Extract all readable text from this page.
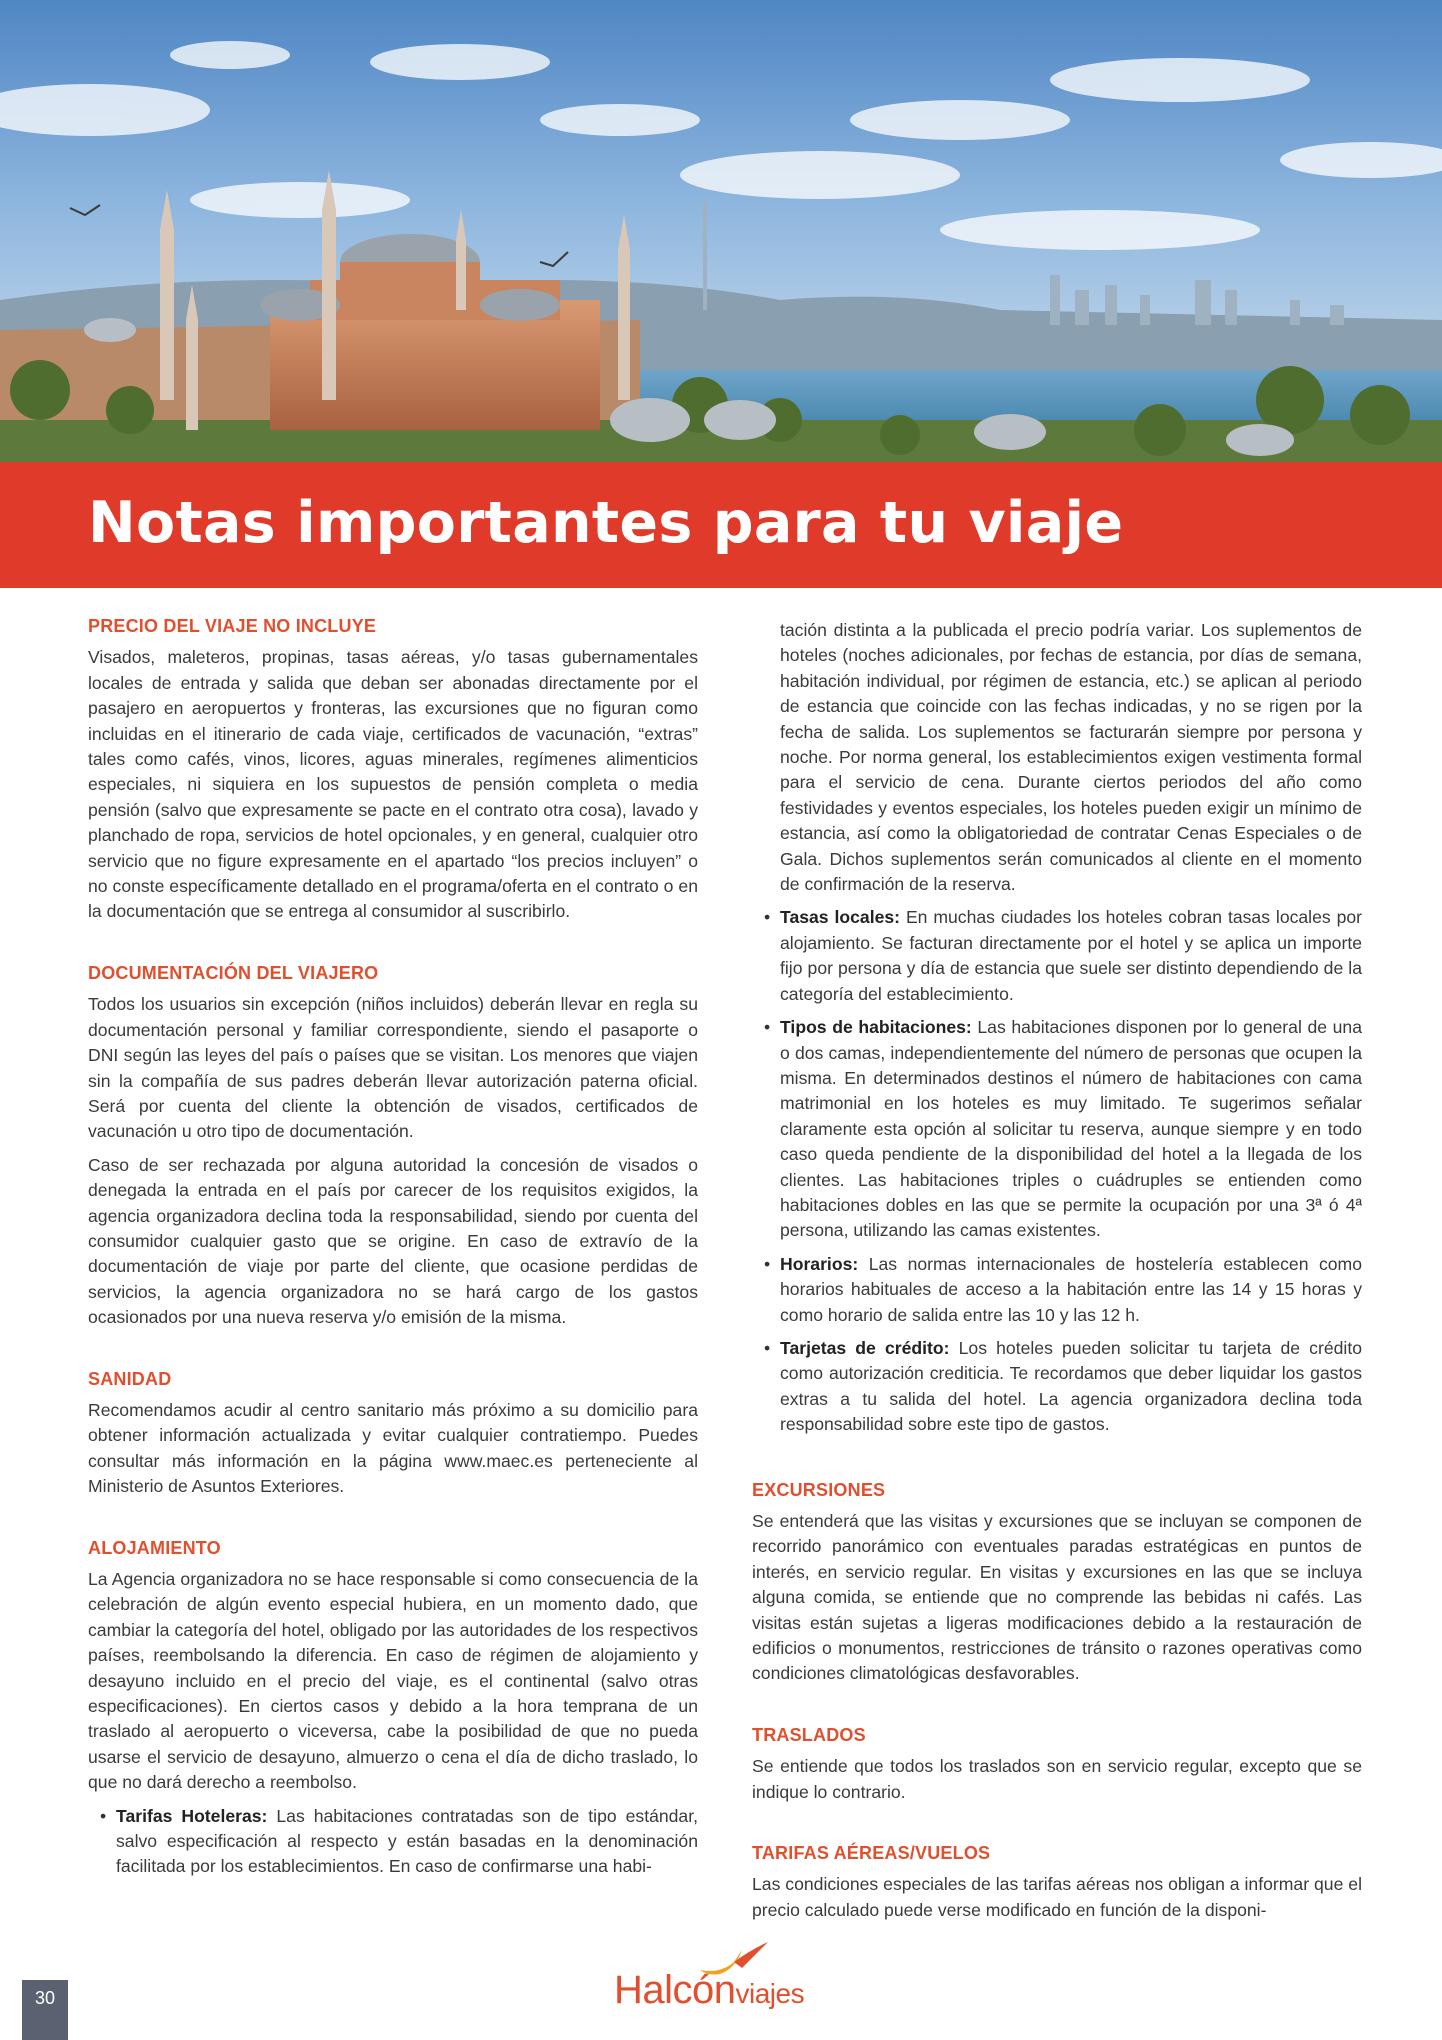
Notas importantes para tu viaje
PRECIO DEL VIAJE NO INCLUYE

Visados, maleteros, propinas, tasas aéreas, y/o tasas gubernamentales locales de entrada y salida que deban ser abonadas directamente por el pasajero en aeropuertos y fronteras, las excursiones que no figuran como incluidas en el itinerario de cada viaje, certificados de vacunación, “extras” tales como cafés, vinos, licores, aguas minerales, regímenes alimenticios especiales, ni siquiera en los supuestos de pensión completa o media pensión (salvo que expresamente se pacte en el contrato otra cosa), lavado y planchado de ropa, servicios de hotel opcionales, y en general, cualquier otro servicio que no figure expresamente en el apartado “los precios incluyen” o no conste específicamente detallado en el programa/oferta en el contrato o en la documentación que se entrega al consumidor al suscribirlo.

DOCUMENTACIÓN DEL VIAJERO

Todos los usuarios sin excepción (niños incluidos) deberán llevar en regla su documentación personal y familiar correspondiente, siendo el pasaporte o DNI según las leyes del país o países que se visitan. Los menores que viajen sin la compañía de sus padres deberán llevar autorización paterna oficial. Será por cuenta del cliente la obtención de visados, certificados de vacunación u otro tipo de documentación.

Caso de ser rechazada por alguna autoridad la concesión de visados o denegada la entrada en el país por carecer de los requisitos exigidos, la agencia organizadora declina toda la responsabilidad, siendo por cuenta del consumidor cualquier gasto que se origine. En caso de extravío de la documentación de viaje por parte del cliente, que ocasione perdidas de servicios, la agencia organizadora no se hará cargo de los gastos ocasionados por una nueva reserva y/o emisión de la misma.

SANIDAD

Recomendamos acudir al centro sanitario más próximo a su domicilio para obtener información actualizada y evitar cualquier contratiempo. Puedes consultar más información en la página www.maec.es perteneciente al Ministerio de Asuntos Exteriores.

ALOJAMIENTO

La Agencia organizadora no se hace responsable si como consecuencia de la celebración de algún evento especial hubiera, en un momento dado, que cambiar la categoría del hotel, obligado por las autoridades de los respectivos países, reembolsando la diferencia. En caso de régimen de alojamiento y desayuno incluido en el precio del viaje, es el continental (salvo otras especificaciones). En ciertos casos y debido a la hora temprana de un traslado al aeropuerto o viceversa, cabe la posibilidad de que no pueda usarse el servicio de desayuno, almuerzo o cena el día de dicho traslado, lo que no dará derecho a reembolso.

• Tarifas Hoteleras: Las habitaciones contratadas son de tipo estándar, salvo especificación al respecto y están basadas en la denominación facilitada por los establecimientos. En caso de confirmarse una habi-

tación distinta a la publicada el precio podría variar. Los suplementos de hoteles (noches adicionales, por fechas de estancia, por días de semana, habitación individual, por régimen de estancia, etc.) se aplican al periodo de estancia que coincide con las fechas indicadas, y no se rigen por la fecha de salida. Los suplementos se facturarán siempre por persona y noche. Por norma general, los establecimientos exigen vestimenta formal para el servicio de cena. Durante ciertos periodos del año como festividades y eventos especiales, los hoteles pueden exigir un mínimo de estancia, así como la obligatoriedad de contratar Cenas Especiales o de Gala. Dichos suplementos serán comunicados al cliente en el momento de confirmación de la reserva.

• Tasas locales: En muchas ciudades los hoteles cobran tasas locales por alojamiento. Se facturan directamente por el hotel y se aplica un importe fijo por persona y día de estancia que suele ser distinto dependiendo de la categoría del establecimiento.
• Tipos de habitaciones: Las habitaciones disponen por lo general de una o dos camas, independientemente del número de personas que ocupen la misma. En determinados destinos el número de habitaciones con cama matrimonial en los hoteles es muy limitado. Te sugerimos señalar claramente esta opción al solicitar tu reserva, aunque siempre y en todo caso queda pendiente de la disponibilidad del hotel a la llegada de los clientes. Las habitaciones triples o cuádruples se entienden como habitaciones dobles en las que se permite la ocupación por una 3ª ó 4ª persona, utilizando las camas existentes.
• Horarios: Las normas internacionales de hostelería establecen como horarios habituales de acceso a la habitación entre las 14 y 15 horas y como horario de salida entre las 10 y las 12 h.
• Tarjetas de crédito: Los hoteles pueden solicitar tu tarjeta de crédito como autorización crediticia. Te recordamos que deber liquidar los gastos extras a tu salida del hotel. La agencia organizadora declina toda responsabilidad sobre este tipo de gastos.
EXCURSIONES

Se entenderá que las visitas y excursiones que se incluyan se componen de recorrido panorámico con eventuales paradas estratégicas en puntos de interés, en servicio regular. En visitas y excursiones en las que se incluya alguna comida, se entiende que no comprende las bebidas ni cafés. Las visitas están sujetas a ligeras modificaciones debido a la restauración de edificios o monumentos, restricciones de tránsito o razones operativas como condiciones climatológicas desfavorables.

TRASLADOS

Se entiende que todos los traslados son en servicio regular, excepto que se indique lo contrario.

TARIFAS AÉREAS/VUELOS

Las condiciones especiales de las tarifas aéreas nos obligan a informar que el precio calculado puede verse modificado en función de la disponi-

30	Halcónviajes
